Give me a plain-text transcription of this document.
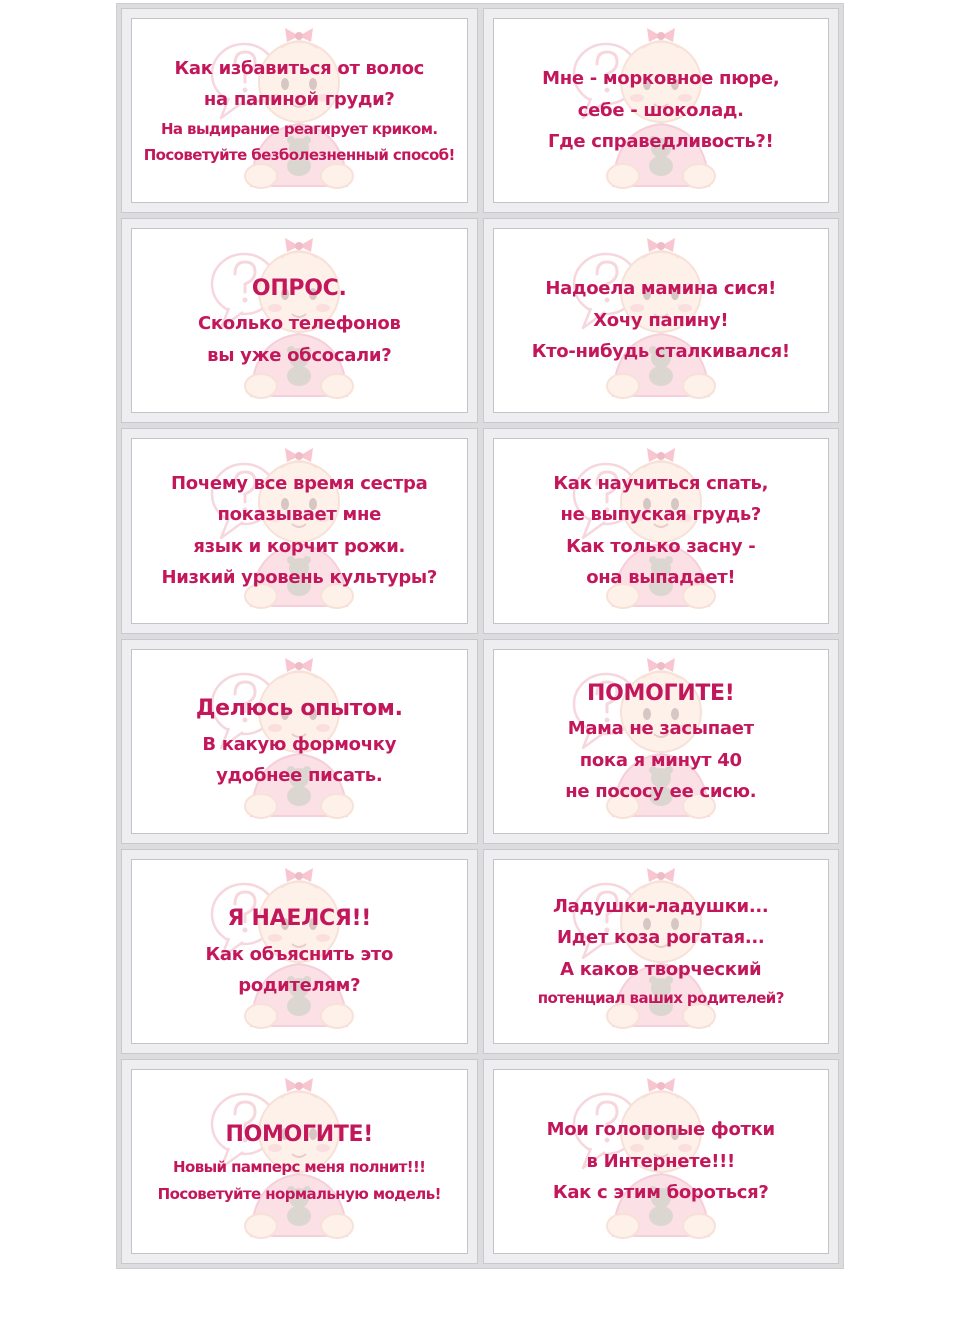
Как избавиться от волос
на папиной груди?
На выдирание реагирует криком.
Посоветуйте безболезненный способ!
Мне - морковное пюре,
себе - шоколад.
Где справедливость?!
ОПРОС.
Сколько телефонов
вы уже обсосали?
Надоела мамина сися!
Хочу папину!
Кто-нибудь сталкивался!
Почему все время сестра
показывает мне
язык и корчит рожи.
Низкий уровень культуры?
Как научиться спать,
не выпуская грудь?
Как только засну -
она выпадает!
Делюсь опытом.
В какую формочку
удобнее писать.
ПОМОГИТЕ!
Мама не засыпает
пока я минут 40
не пососу ее сисю.
Я НАЕЛСЯ!!
Как объяснить это
родителям?
Ладушки-ладушки...
Идет коза рогатая...
А каков творческий
потенциал ваших родителей?
ПОМОГИТЕ!
Новый памперс меня полнит!!!
Посоветуйте нормальную модель!
Мои голопопые фотки
в Интернете!!!
Как с этим бороться?
